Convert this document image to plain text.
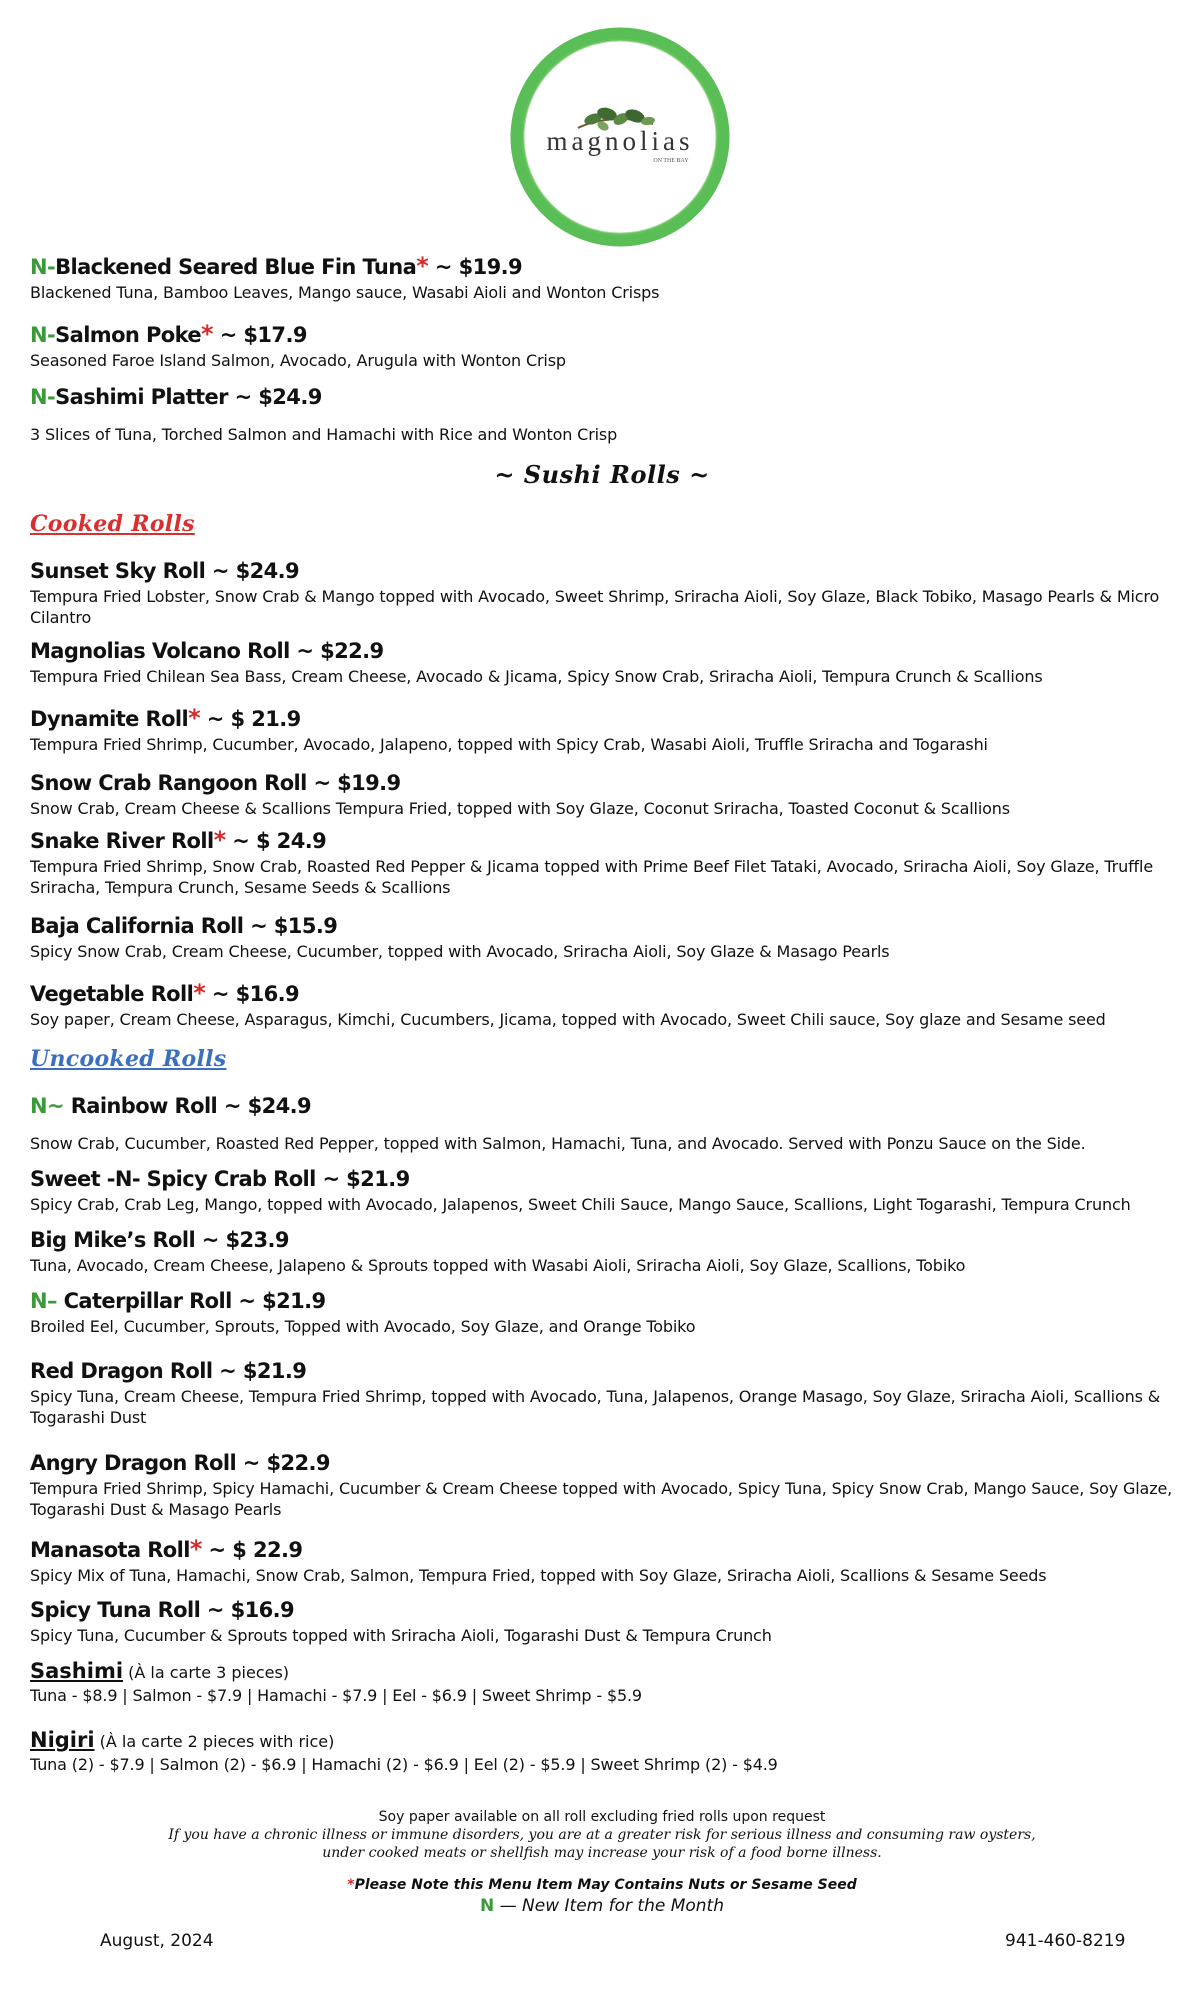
magnolias
ON THE BAY
N-Blackened Seared Blue Fin Tuna* ~ $19.9
Blackened Tuna, Bamboo Leaves, Mango sauce, Wasabi Aioli and Wonton Crisps
N-Salmon Poke* ~ $17.9
Seasoned Faroe Island Salmon, Avocado, Arugula with Wonton Crisp
N-Sashimi Platter ~ $24.9
3 Slices of Tuna, Torched Salmon and Hamachi with Rice and Wonton Crisp
~ Sushi Rolls ~
Cooked Rolls
Sunset Sky Roll ~ $24.9
Tempura Fried Lobster, Snow Crab & Mango topped with Avocado, Sweet Shrimp, Sriracha Aioli, Soy Glaze, Black Tobiko, Masago Pearls & Micro Cilantro
Magnolias Volcano Roll ~ $22.9
Tempura Fried Chilean Sea Bass, Cream Cheese, Avocado & Jicama, Spicy Snow Crab, Sriracha Aioli, Tempura Crunch & Scallions
Dynamite Roll* ~ $ 21.9
Tempura Fried Shrimp, Cucumber, Avocado, Jalapeno, topped with Spicy Crab, Wasabi Aioli, Truffle Sriracha and Togarashi
Snow Crab Rangoon Roll ~ $19.9
Snow Crab, Cream Cheese & Scallions Tempura Fried, topped with Soy Glaze, Coconut Sriracha, Toasted Coconut & Scallions
Snake River Roll* ~ $ 24.9
Tempura Fried Shrimp, Snow Crab, Roasted Red Pepper & Jicama topped with Prime Beef Filet Tataki, Avocado, Sriracha Aioli, Soy Glaze, Truffle Sriracha, Tempura Crunch, Sesame Seeds & Scallions
Baja California Roll ~ $15.9
Spicy Snow Crab, Cream Cheese, Cucumber, topped with Avocado, Sriracha Aioli, Soy Glaze & Masago Pearls
Vegetable Roll* ~ $16.9
Soy paper, Cream Cheese, Asparagus, Kimchi, Cucumbers, Jicama, topped with Avocado, Sweet Chili sauce, Soy glaze and Sesame seed
Uncooked Rolls
N~ Rainbow Roll ~ $24.9
Snow Crab, Cucumber, Roasted Red Pepper, topped with Salmon, Hamachi, Tuna, and Avocado. Served with Ponzu Sauce on the Side.
Sweet -N- Spicy Crab Roll ~ $21.9
Spicy Crab, Crab Leg, Mango, topped with Avocado, Jalapenos, Sweet Chili Sauce, Mango Sauce, Scallions, Light Togarashi, Tempura Crunch
Big Mike’s Roll ~ $23.9
Tuna, Avocado, Cream Cheese, Jalapeno & Sprouts topped with Wasabi Aioli, Sriracha Aioli, Soy Glaze, Scallions, Tobiko
N– Caterpillar Roll ~ $21.9
Broiled Eel, Cucumber, Sprouts, Topped with Avocado, Soy Glaze, and Orange Tobiko
Red Dragon Roll ~ $21.9
Spicy Tuna, Cream Cheese, Tempura Fried Shrimp, topped with Avocado, Tuna, Jalapenos, Orange Masago, Soy Glaze, Sriracha Aioli, Scallions & Togarashi Dust
Angry Dragon Roll ~ $22.9
Tempura Fried Shrimp, Spicy Hamachi, Cucumber & Cream Cheese topped with Avocado, Spicy Tuna, Spicy Snow Crab, Mango Sauce, Soy Glaze, Togarashi Dust & Masago Pearls
Manasota Roll* ~ $ 22.9
Spicy Mix of Tuna, Hamachi, Snow Crab, Salmon, Tempura Fried, topped with Soy Glaze, Sriracha Aioli, Scallions & Sesame Seeds
Spicy Tuna Roll ~ $16.9
Spicy Tuna, Cucumber & Sprouts topped with Sriracha Aioli, Togarashi Dust & Tempura Crunch
Sashimi (À la carte 3 pieces)
Tuna - $8.9 | Salmon - $7.9 | Hamachi - $7.9 | Eel - $6.9 | Sweet Shrimp - $5.9
Nigiri (À la carte 2 pieces with rice)
Tuna (2) - $7.9 | Salmon (2) - $6.9 | Hamachi (2) - $6.9 | Eel (2) - $5.9 | Sweet Shrimp (2) - $4.9
Soy paper available on all roll excluding fried rolls upon request
If you have a chronic illness or immune disorders, you are at a greater risk for serious illness and consuming raw oysters,
under cooked meats or shellfish may increase your risk of a food borne illness.
*Please Note this Menu Item May Contains Nuts or Sesame Seed
N — New Item for the Month
August, 2024	941-460-8219
